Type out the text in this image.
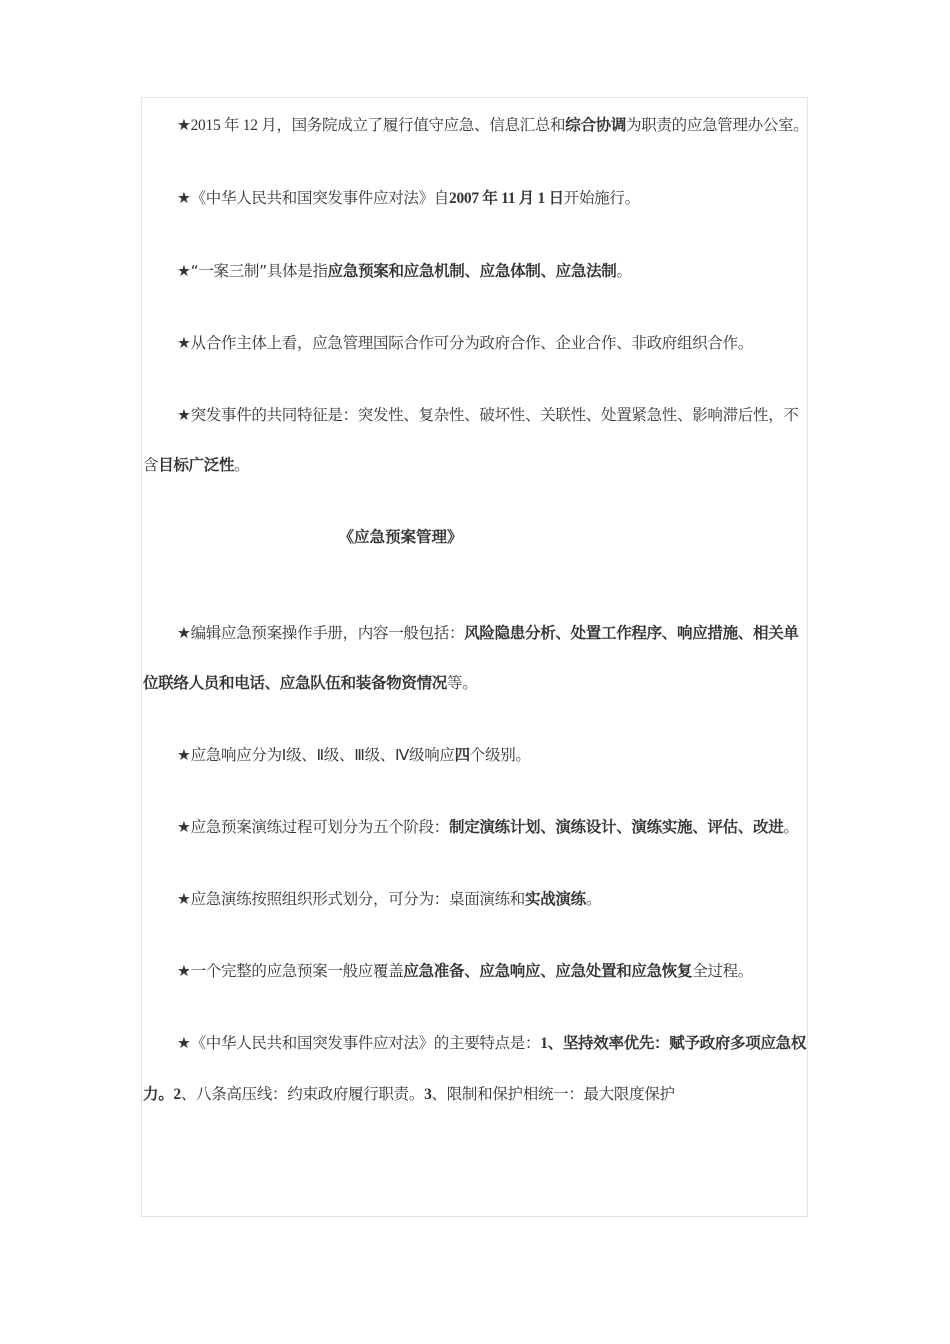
★2015 年 12 月，国务院成立了履行值守应急、信息汇总和综合协调为职责的应急管理办公室。

★《中华人民共和国突发事件应对法》自2007 年 11 月 1 日开始施行。

★“一案三制”具体是指应急预案和应急机制、应急体制、应急法制。

★从合作主体上看，应急管理国际合作可分为政府合作、企业合作、非政府组织合作。

★突发事件的共同特征是：突发性、复杂性、破坏性、关联性、处置紧急性、影响滞后性，不含目标广泛性。

《应急预案管理》

★编辑应急预案操作手册，内容一般包括：风险隐患分析、处置工作程序、响应措施、相关单位联络人员和电话、应急队伍和装备物资情况等。

★应急响应分为Ⅰ级、Ⅱ级、Ⅲ级、Ⅳ级响应四个级别。

★应急预案演练过程可划分为五个阶段：制定演练计划、演练设计、演练实施、评估、改进。

★应急演练按照组织形式划分，可分为：桌面演练和实战演练。

★一个完整的应急预案一般应覆盖应急准备、应急响应、应急处置和应急恢复全过程。

★《中华人民共和国突发事件应对法》的主要特点是：1、坚持效率优先：赋予政府多项应急权力。2、八条高压线：约束政府履行职责。3、限制和保护相统一：最大限度保护
